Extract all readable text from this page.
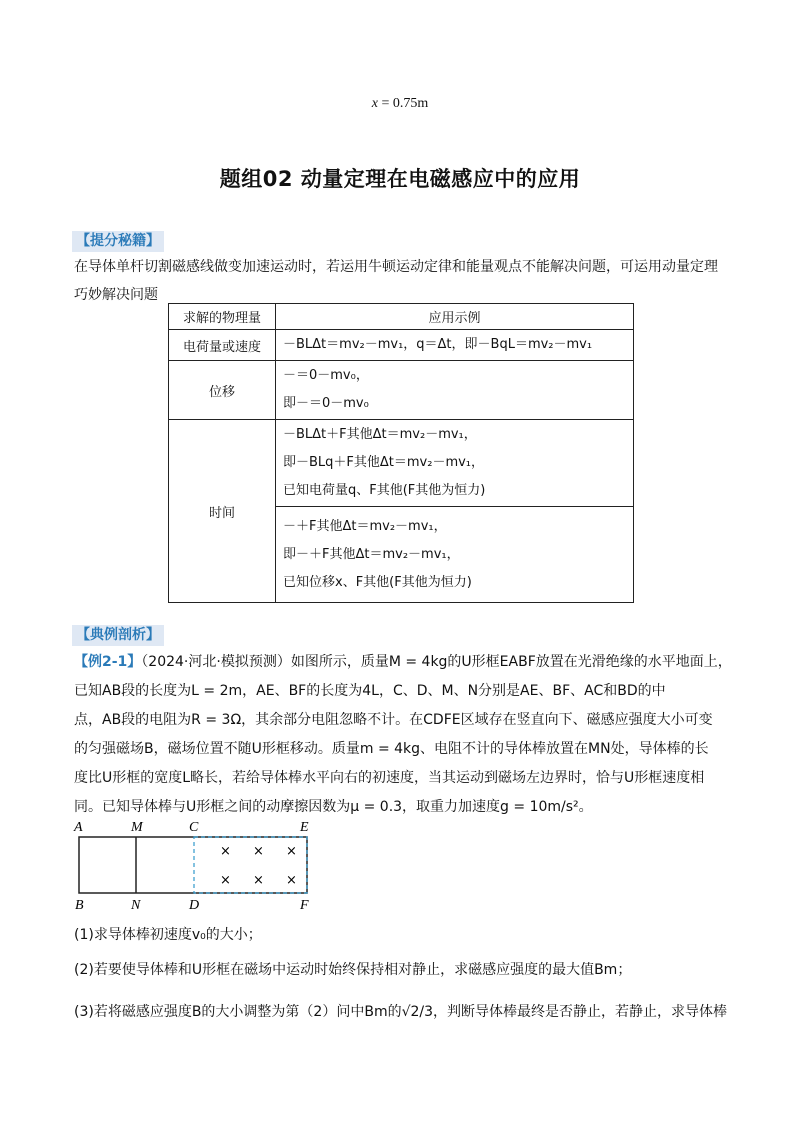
x = 0.75m
题组02 动量定理在电磁感应中的应用
【提分秘籍】
在导体单杆切割磁感线做变加速运动时，若运用牛顿运动定律和能量观点不能解决问题，可运用动量定理
巧妙解决问题
求解的物理量	应用示例
电荷量或速度	－BLΔt＝mv₂－mv₁，q＝Δt，即－BqL＝mv₂－mv₁

位移	－＝0－mv₀，
即－＝0－mv₀

时间	－BLΔt＋F其他Δt＝mv₂－mv₁，
即－BLq＋F其他Δt＝mv₂－mv₁，
已知电荷量q、F其他(F其他为恒力)

	－＋F其他Δt＝mv₂－mv₁，
即－＋F其他Δt＝mv₂－mv₁，
已知位移x、F其他(F其他为恒力)
【典例剖析】
【例2-1】（2024·河北·模拟预测）如图所示，质量M = 4kg的U形框EABF放置在光滑绝缘的水平地面上，
已知AB段的长度为L = 2m，AE、BF的长度为4L，C、D、M、N分别是AE、BF、AC和BD的中
点，AB段的电阻为R = 3Ω，其余部分电阻忽略不计。在CDFE区域存在竖直向下、磁感应强度大小可变
的匀强磁场B，磁场位置不随U形框移动。质量m = 4kg、电阻不计的导体棒放置在MN处，导体棒的长
度比U形框的宽度L略长，若给导体棒水平向右的初速度，当其运动到磁场左边界时，恰与U形框速度相
同。已知导体棒与U形框之间的动摩擦因数为μ = 0.3，取重力加速度g = 10m/s²。
× × ×
× × ×
A	M	C	E
B	N	D	F
(1)求导体棒初速度v₀的大小；
(2)若要使导体棒和U形框在磁场中运动时始终保持相对静止，求磁感应强度的最大值Bm；
(3)若将磁感应强度B的大小调整为第（2）问中Bm的√2/3，判断导体棒最终是否静止，若静止，求导体棒
